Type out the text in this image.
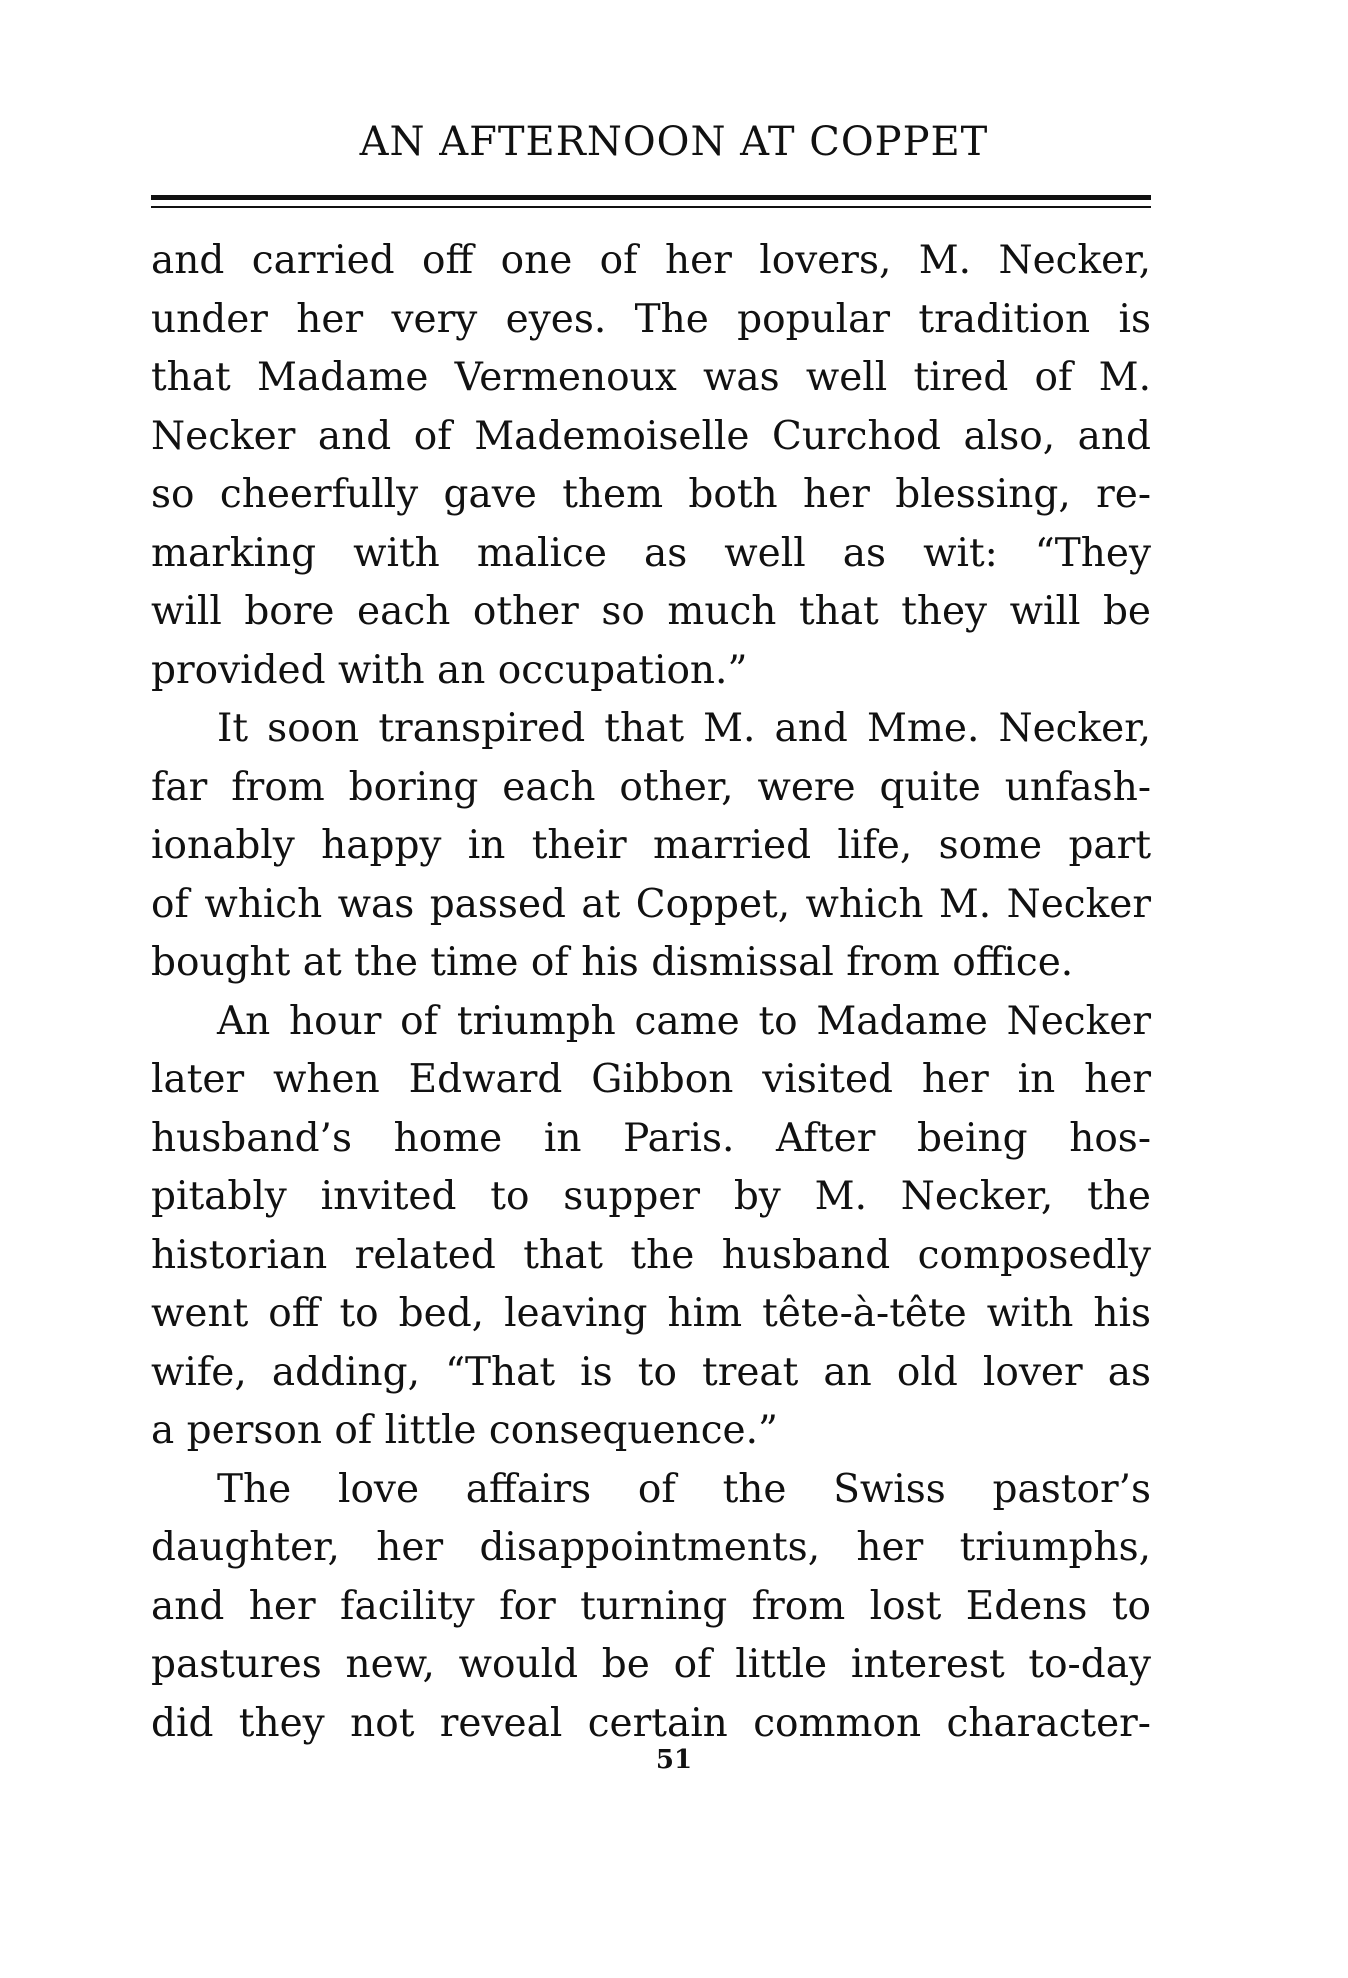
AN AFTERNOON AT COPPET
and carried off one of her lovers, M. Necker,
under her very eyes. The popular tradition is
that Madame Vermenoux was well tired of M.
Necker and of Mademoiselle Curchod also, and
so cheerfully gave them both her blessing, re-
marking with malice as well as wit: “They
will bore each other so much that they will be
provided with an occupation.”
It soon transpired that M. and Mme. Necker,
far from boring each other, were quite unfash-
ionably happy in their married life, some part
of which was passed at Coppet, which M. Necker
bought at the time of his dismissal from office.
An hour of triumph came to Madame Necker
later when Edward Gibbon visited her in her
husband’s home in Paris. After being hos-
pitably invited to supper by M. Necker, the
historian related that the husband composedly
went off to bed, leaving him tête-à-tête with his
wife, adding, “That is to treat an old lover as
a person of little consequence.”
The love affairs of the Swiss pastor’s
daughter, her disappointments, her triumphs,
and her facility for turning from lost Edens to
pastures new, would be of little interest to-day
did they not reveal certain common character-
51
